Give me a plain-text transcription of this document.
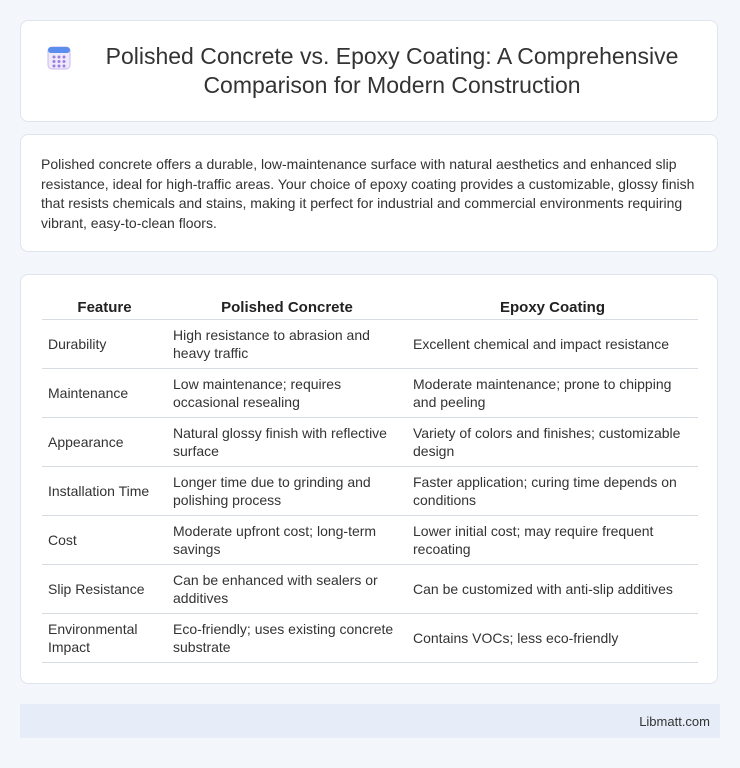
Polished Concrete vs. Epoxy Coating: A Comprehensive Comparison for Modern Construction

Polished concrete offers a durable, low-maintenance surface with natural aesthetics and enhanced slip resistance, ideal for high-traffic areas. Your choice of epoxy coating provides a customizable, glossy finish that resists chemicals and stains, making it perfect for industrial and commercial environments requiring vibrant, easy-to-clean floors.

Feature	Polished Concrete	Epoxy Coating
Durability	High resistance to abrasion and heavy traffic	Excellent chemical and impact resistance
Maintenance	Low maintenance; requires occasional resealing	Moderate maintenance; prone to chipping and peeling
Appearance	Natural glossy finish with reflective surface	Variety of colors and finishes; customizable design
Installation Time	Longer time due to grinding and polishing process	Faster application; curing time depends on conditions
Cost	Moderate upfront cost; long-term savings	Lower initial cost; may require frequent recoating
Slip Resistance	Can be enhanced with sealers or additives	Can be customized with anti-slip additives
Environmental Impact	Eco-friendly; uses existing concrete substrate	Contains VOCs; less eco-friendly
Libmatt.com
